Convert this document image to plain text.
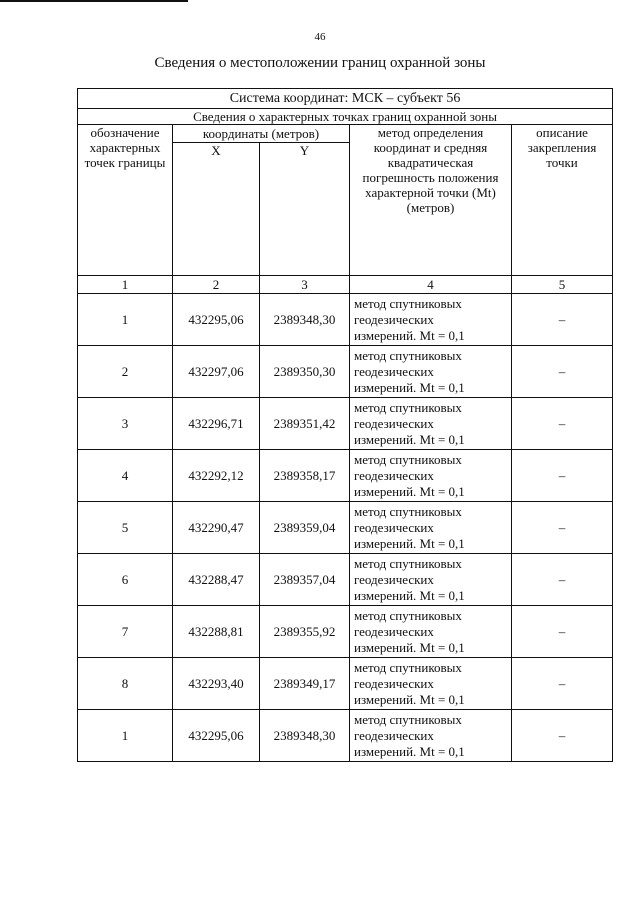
46
Сведения о местоположении границ охранной зоны
Система координат: МСК – субъект 56				
Сведения о характерных точках границ охранной зоны				
обозначение характерных точек границы	координаты (метров)		метод определения координат и средняя квадратическая погрешность положения характерной точки (Mt) (метров)	описание закрепления точки
	X	Y		
1	2	3	4	5
1	432295,06	2389348,30	метод спутниковых
геодезических
измерений. Mt = 0,1	–
2	432297,06	2389350,30	метод спутниковых
геодезических
измерений. Mt = 0,1	–
3	432296,71	2389351,42	метод спутниковых
геодезических
измерений. Mt = 0,1	–
4	432292,12	2389358,17	метод спутниковых
геодезических
измерений. Mt = 0,1	–
5	432290,47	2389359,04	метод спутниковых
геодезических
измерений. Mt = 0,1	–
6	432288,47	2389357,04	метод спутниковых
геодезических
измерений. Mt = 0,1	–
7	432288,81	2389355,92	метод спутниковых
геодезических
измерений. Mt = 0,1	–
8	432293,40	2389349,17	метод спутниковых
геодезических
измерений. Mt = 0,1	–
1	432295,06	2389348,30	метод спутниковых
геодезических
измерений. Mt = 0,1	–
